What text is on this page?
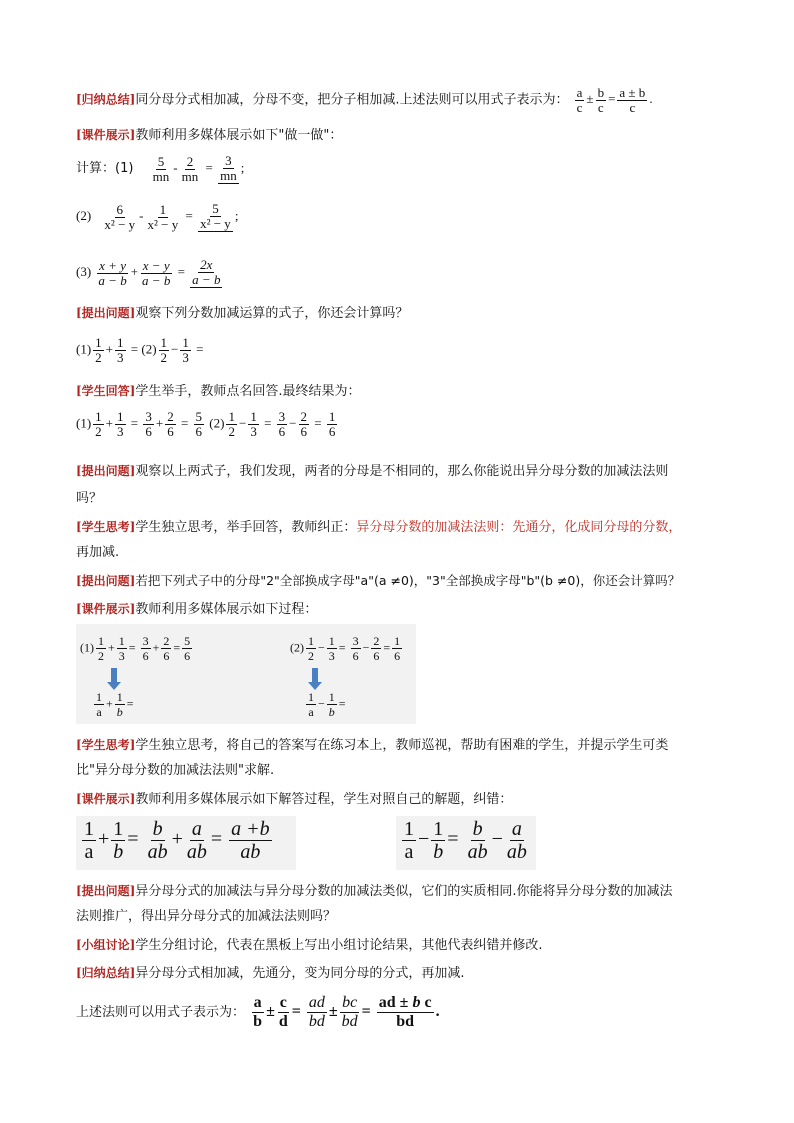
[归纳总结]同分母分式相加减，分母不变，把分子相加减.上述法则可以用式子表示为： $\frac{a}{c} \pm \frac{b}{c} = \frac{a \pm b}{c}$ .
[课件展示]教师利用多媒体展示如下"做一做"：
计算：$(1) \frac{5}{mn} - \frac{2}{mn} = \frac{3}{mn}$ ;
$(2) \frac{6}{\text{x² − y}} - \frac{1}{\text{x² − y}} = \frac{5}{\text{x² − y}}$ ;
$(3) \frac{x + y}{a - b} + \frac{x - y}{a - b} = \frac{2x}{a - b}$
[提出问题]观察下列分数加减运算的式子，你还会计算吗？
$(1) \frac{1}{2} + \frac{1}{3} = (2) \frac{1}{2} - \frac{1}{3}$ =
[学生回答]学生举手，教师点名回答.最终结果为：
$(1) \frac{1}{2} + \frac{1}{3} = \frac{3}{6} + \frac{2}{6} = \frac{5}{6} (2) \frac{1}{2} - \frac{1}{3} = \frac{3}{6} - \frac{2}{6} = \frac{1}{6}$
[提出问题]观察以上两式子，我们发现，两者的分母是不相同的，那么你能说出异分母分数的加减法法则
吗？
[学生思考]学生独立思考，举手回答，教师纠正：异分母分数的加减法法则：先通分，化成同分母的分数，
再加减.
[提出问题]若把下列式子中的分母"2"全部换成字母"a"(a ≠0)，"3"全部换成字母"b"(b ≠0)，你还会计算吗？
[课件展示]教师利用多媒体展示如下过程：
$(1) \frac{1}{2} + \frac{1}{3} = \frac{3}{6} + \frac{2}{6} = \frac{5}{6}$
$\frac{1}{a} + \frac{1}{b}$ =
$(2) \frac{1}{2} - \frac{1}{3} = \frac{3}{6} - \frac{2}{6} = \frac{1}{6}$
$\frac{1}{a} - \frac{1}{b}$ =
[学生思考]学生独立思考，将自己的答案写在练习本上，教师巡视，帮助有困难的学生，并提示学生可类
比"异分母分数的加减法法则"求解.
[课件展示]教师利用多媒体展示如下解答过程，学生对照自己的解题，纠错：
$\frac{1}{a} + \frac{1}{b} = \frac{b}{ab} + \frac{a}{ab} = \frac{a +b}{ab}$	$\frac{1}{a} - \frac{1}{b} = \frac{b}{ab} - \frac{a}{ab}$
[提出问题]异分母分式的加减法与异分母分数的加减法类似，它们的实质相同.你能将异分母分数的加减法
法则推广，得出异分母分式的加减法法则吗？
[小组讨论]学生分组讨论，代表在黑板上写出小组讨论结果，其他代表纠错并修改.
[归纳总结]异分母分式相加减，先通分，变为同分母的分式，再加减.
上述法则可以用式子表示为： $\frac{a}{b} \pm \frac{c}{d} = \frac{ad}{bd} \pm \frac{bc}{bd} = \frac{\text{ad ± b c}}{bd}$ .
